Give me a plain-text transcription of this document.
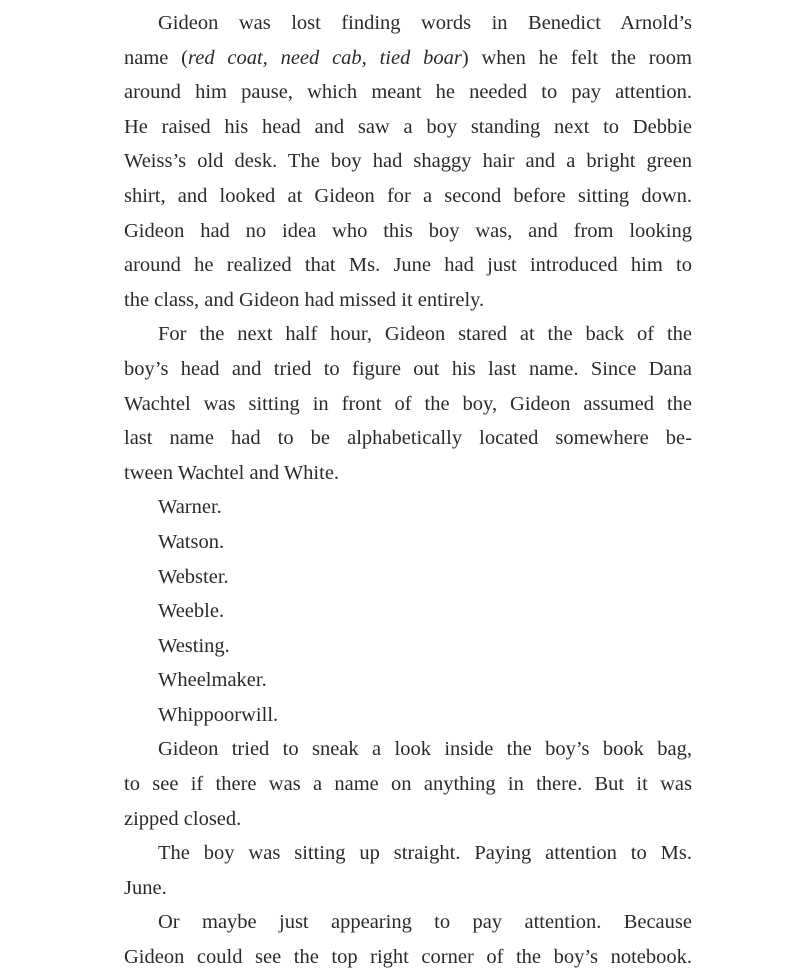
Gideon was lost finding words in Benedict Arnold’s
name (red coat, need cab, tied boar) when he felt the room
around him pause, which meant he needed to pay attention.
He raised his head and saw a boy standing next to Debbie
Weiss’s old desk. The boy had shaggy hair and a bright green
shirt, and looked at Gideon for a second before sitting down.
Gideon had no idea who this boy was, and from looking
around he realized that Ms. June had just introduced him to
the class, and Gideon had missed it entirely.
For the next half hour, Gideon stared at the back of the
boy’s head and tried to figure out his last name. Since Dana
Wachtel was sitting in front of the boy, Gideon assumed the
last name had to be alphabetically located somewhere be-
tween Wachtel and White.
Warner.
Watson.
Webster.
Weeble.
Westing.
Wheelmaker.
Whippoorwill.
Gideon tried to sneak a look inside the boy’s book bag,
to see if there was a name on anything in there. But it was
zipped closed.
The boy was sitting up straight. Paying attention to Ms.
June.
Or maybe just appearing to pay attention. Because
Gideon could see the top right corner of the boy’s notebook.
